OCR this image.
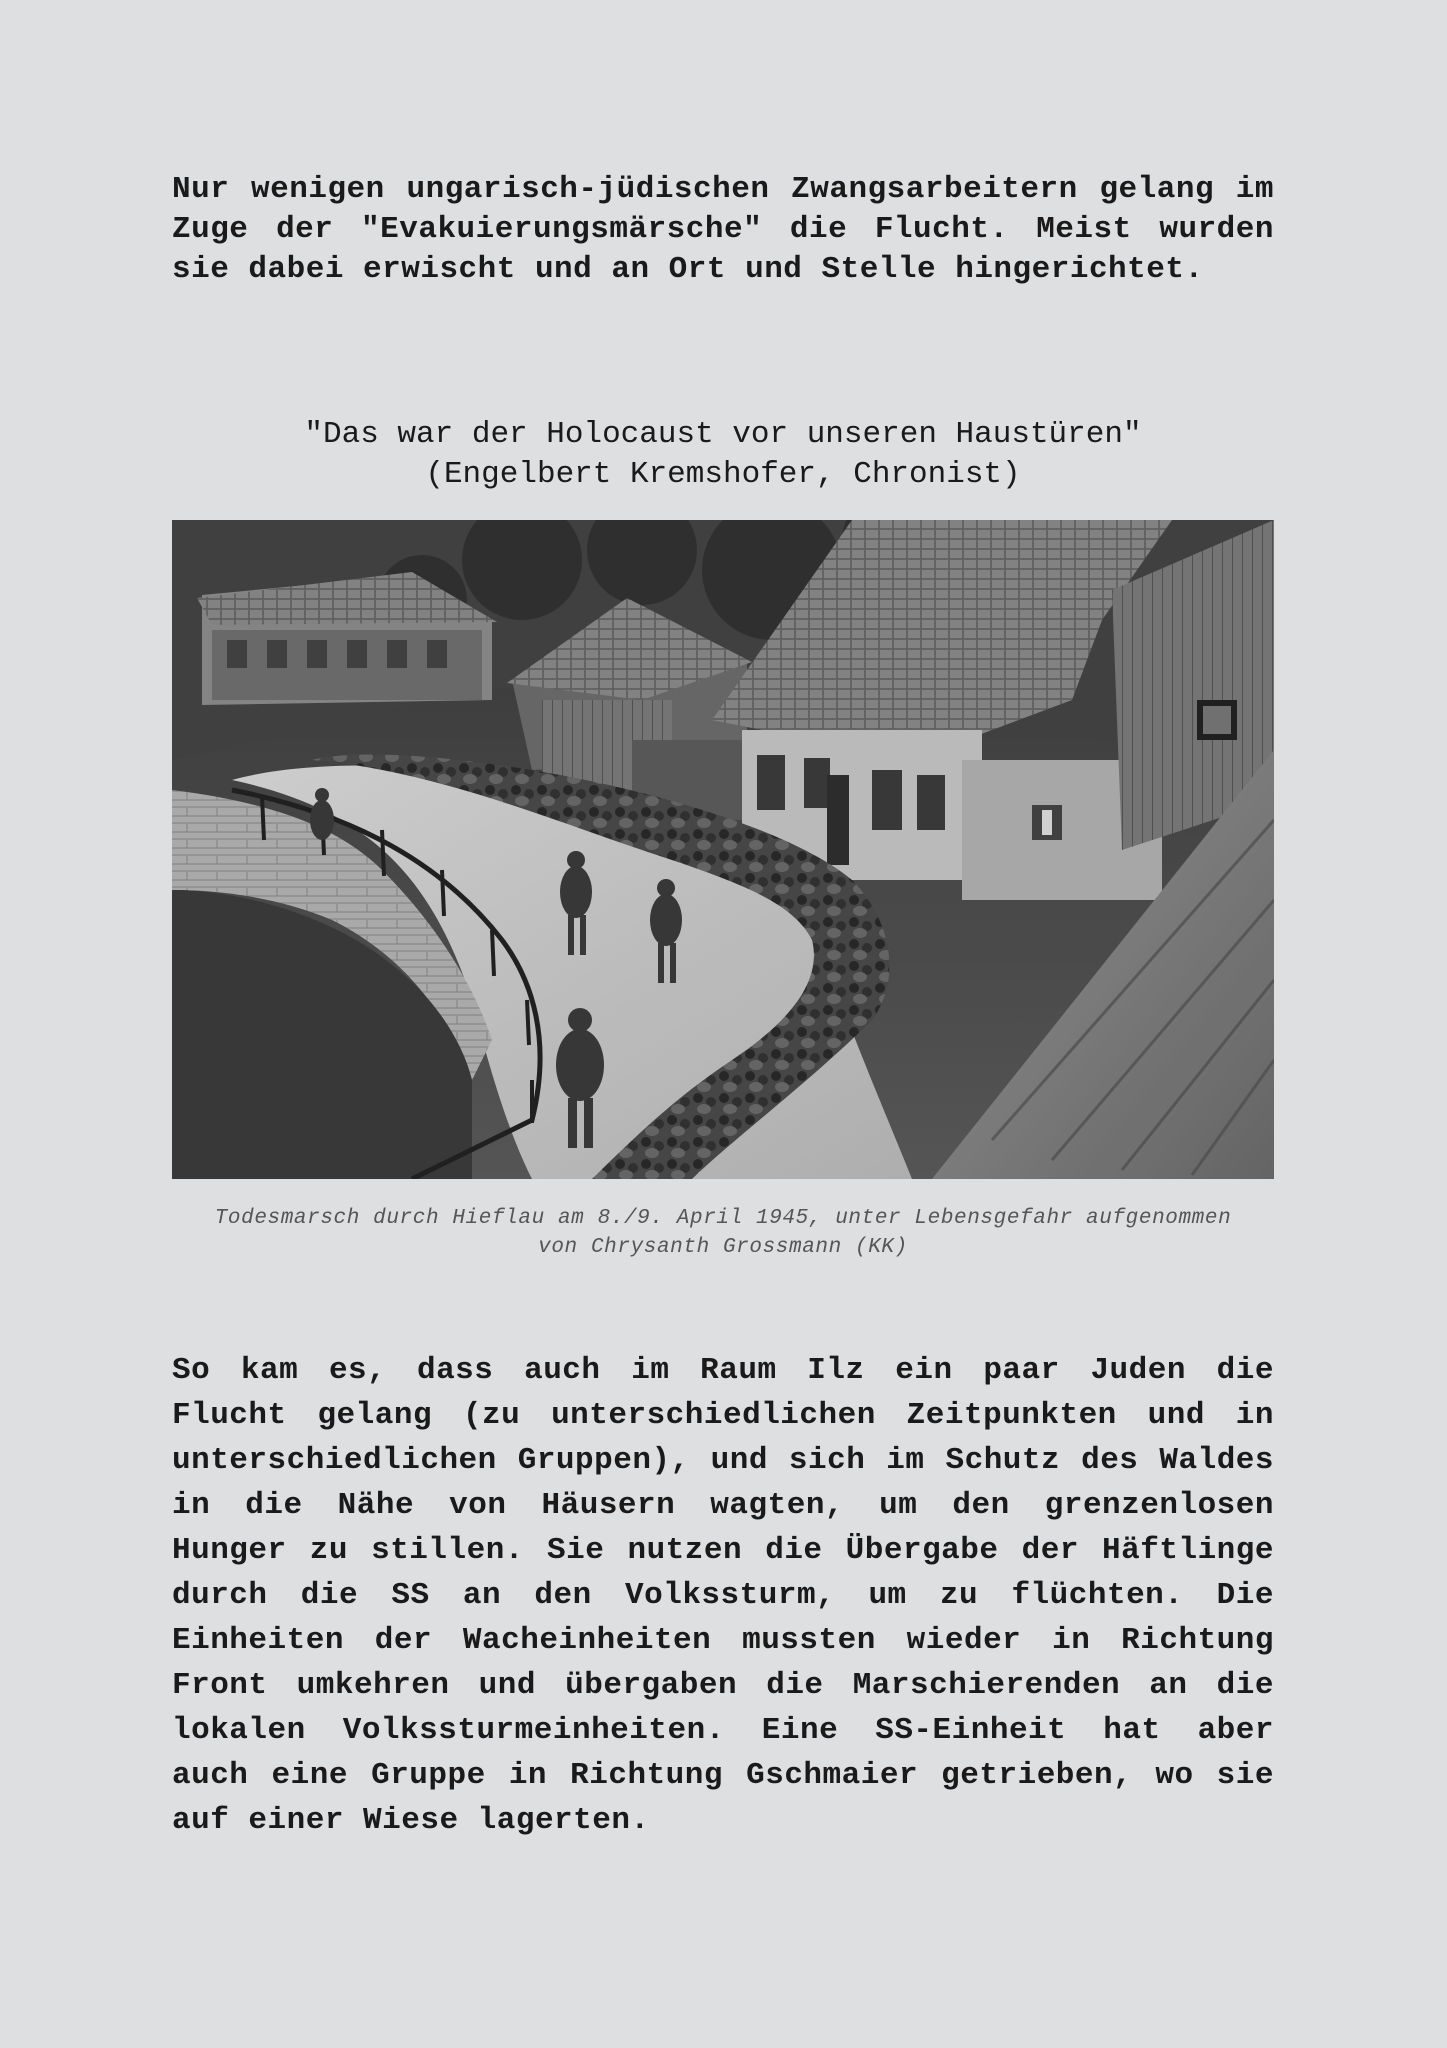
Nur wenigen ungarisch-jüdischen Zwangsarbeitern gelang im Zuge der "Evakuierungsmärsche" die Flucht. Meist wurden sie dabei erwischt und an Ort und Stelle hingerichtet.

"Das war der Holocaust vor unseren Haustüren"
(Engelbert Kremshofer, Chronist)
Todesmarsch durch Hieflau am 8./9. April 1945, unter Lebensgefahr aufgenommen
von Chrysanth Grossmann (KK)

So kam es, dass auch im Raum Ilz ein paar Juden die Flucht gelang (zu unterschiedlichen Zeitpunkten und in unterschiedlichen Gruppen), und sich im Schutz des Waldes in die Nähe von Häusern wagten, um den grenzenlosen Hunger zu stillen. Sie nutzen die Übergabe der Häftlinge durch die SS an den Volkssturm, um zu flüchten. Die Einheiten der Wacheinheiten mussten wieder in Richtung Front umkehren und übergaben die Marschierenden an die lokalen Volkssturmeinheiten. Eine SS-Einheit hat aber auch eine Gruppe in Richtung Gschmaier getrieben, wo sie auf einer Wiese lagerten.
